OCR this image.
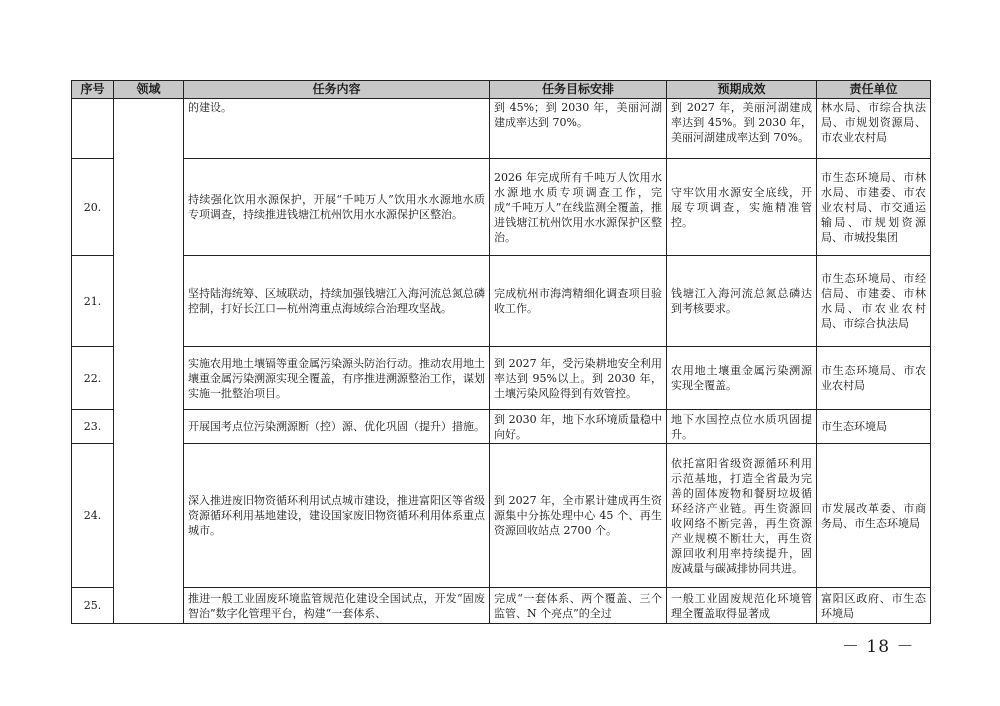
序号	领域	任务内容	任务目标安排	预期成效	责任单位
		的建设。	到 45%；到 2030 年，美丽河湖建成率达到 70%。	到 2027 年，美丽河湖建成率达到 45%。到 2030 年，美丽河湖建成率达到 70%。	林水局、市综合执法局、市规划资源局、市农业农村局
20.		持续强化饮用水源保护，开展“千吨万人”饮用水水源地水质专项调查，持续推进钱塘江杭州饮用水水源保护区整治。	2026 年完成所有千吨万人饮用水水源地水质专项调查工作，完成“千吨万人”在线监测全覆盖，推进钱塘江杭州饮用水水源保护区整治。	守牢饮用水源安全底线，开展专项调查，实施精准管控。	市生态环境局、市林水局、市建委、市农业农村局、市交通运输局、市规划资源局、市城投集团
21.		坚持陆海统筹、区域联动，持续加强钱塘江入海河流总氮总磷控制，打好长江口—杭州湾重点海域综合治理攻坚战。	完成杭州市海湾精细化调查项目验收工作。	钱塘江入海河流总氮总磷达到考核要求。	市生态环境局、市经信局、市建委、市林水局、市农业农村局、市综合执法局
22.		实施农用地土壤镉等重金属污染源头防治行动。推动农用地土壤重金属污染溯源实现全覆盖，有序推进溯源整治工作，谋划实施一批整治项目。	到 2027 年，受污染耕地安全利用率达到 95%以上。到 2030 年，土壤污染风险得到有效管控。	农用地土壤重金属污染溯源实现全覆盖。	市生态环境局、市农业农村局
23.		开展国考点位污染溯源断（控）源、优化巩固（提升）措施。	到 2030 年，地下水环境质量稳中向好。	地下水国控点位水质巩固提升。	市生态环境局
24.		深入推进废旧物资循环利用试点城市建设，推进富阳区等省级资源循环利用基地建设，建设国家废旧物资循环利用体系重点城市。	到 2027 年，全市累计建成再生资源集中分拣处理中心 45 个、再生资源回收站点 2700 个。	依托富阳省级资源循环利用示范基地，打造全省最为完善的固体废物和餐厨垃圾循环经济产业链。再生资源回收网络不断完善，再生资源产业规模不断壮大，再生资源回收利用率持续提升，固废减量与碳减排协同共进。	市发展改革委、市商务局、市生态环境局
25.		推进一般工业固废环境监管规范化建设全国试点，开发“固废智治”数字化管理平台，构建“一套体系、	完成“一套体系、两个覆盖、三个监管、N 个亮点”的全过	一般工业固废规范化环境管理全覆盖取得显著成	富阳区政府、市生态环境局
－ 18 －
